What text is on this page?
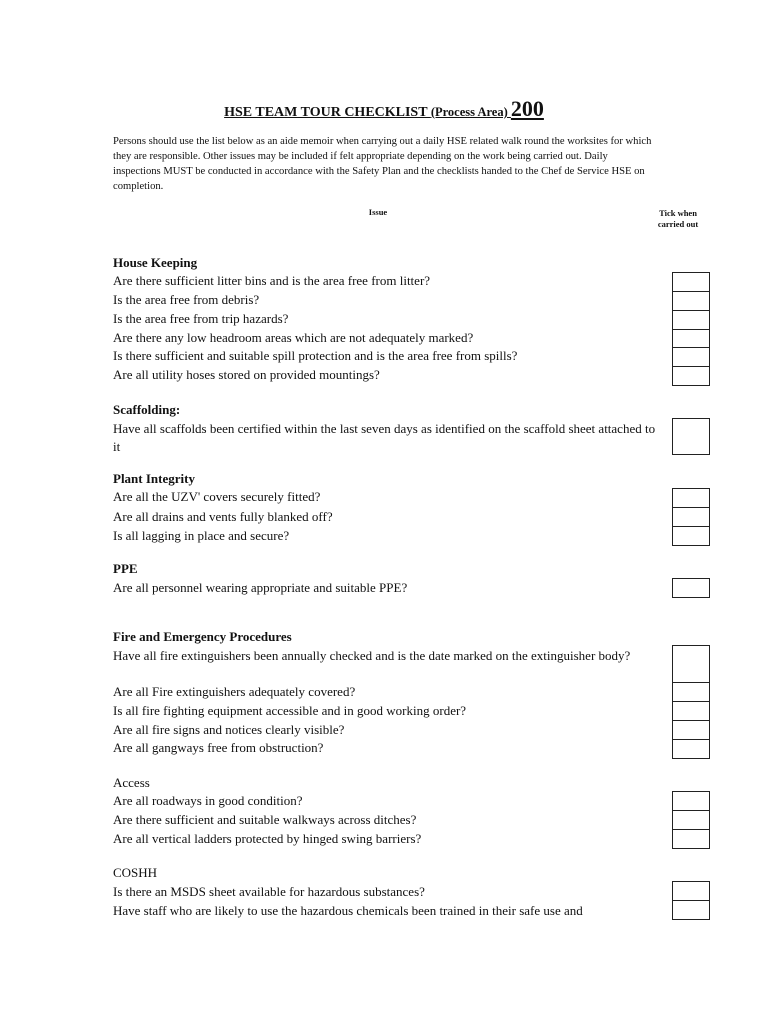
HSE TEAM TOUR CHECKLIST (Process Area) 200
Persons should use the list below as an aide memoir when carrying out a daily HSE related walk round the worksites for which they are responsible. Other issues may be included if felt appropriate depending on the work being carried out. Daily inspections MUST be conducted in accordance with the Safety Plan and the checklists handed to the Chef de Service HSE on completion.
Issue	Tick when
carried out
House Keeping
Are there sufficient litter bins and is the area free from litter?
Is the area free from debris?
Is the area free from trip hazards?
Are there any low headroom areas which are not adequately marked?
Is there sufficient and suitable spill protection and is the area free from spills?
Are all utility hoses stored on provided mountings?
Scaffolding:
Have all scaffolds been certified within the last seven days as identified on the scaffold sheet attached to it
Plant Integrity
Are all the UZV' covers securely fitted?
Are all drains and vents fully blanked off?
Is all lagging in place and secure?
PPE
Are all personnel wearing appropriate and suitable PPE?
Fire and Emergency Procedures
Have all fire extinguishers been annually checked and is the date marked on the extinguisher body?
Are all Fire extinguishers adequately covered?
Is all fire fighting equipment accessible and in good working order?
Are all fire signs and notices clearly visible?
Are all gangways free from obstruction?
Access
Are all roadways in good condition?
Are there sufficient and suitable walkways across ditches?
Are all vertical ladders protected by hinged swing barriers?
COSHH
Is there an MSDS sheet available for hazardous substances?
Have staff who are likely to use the hazardous chemicals been trained in their safe use and
